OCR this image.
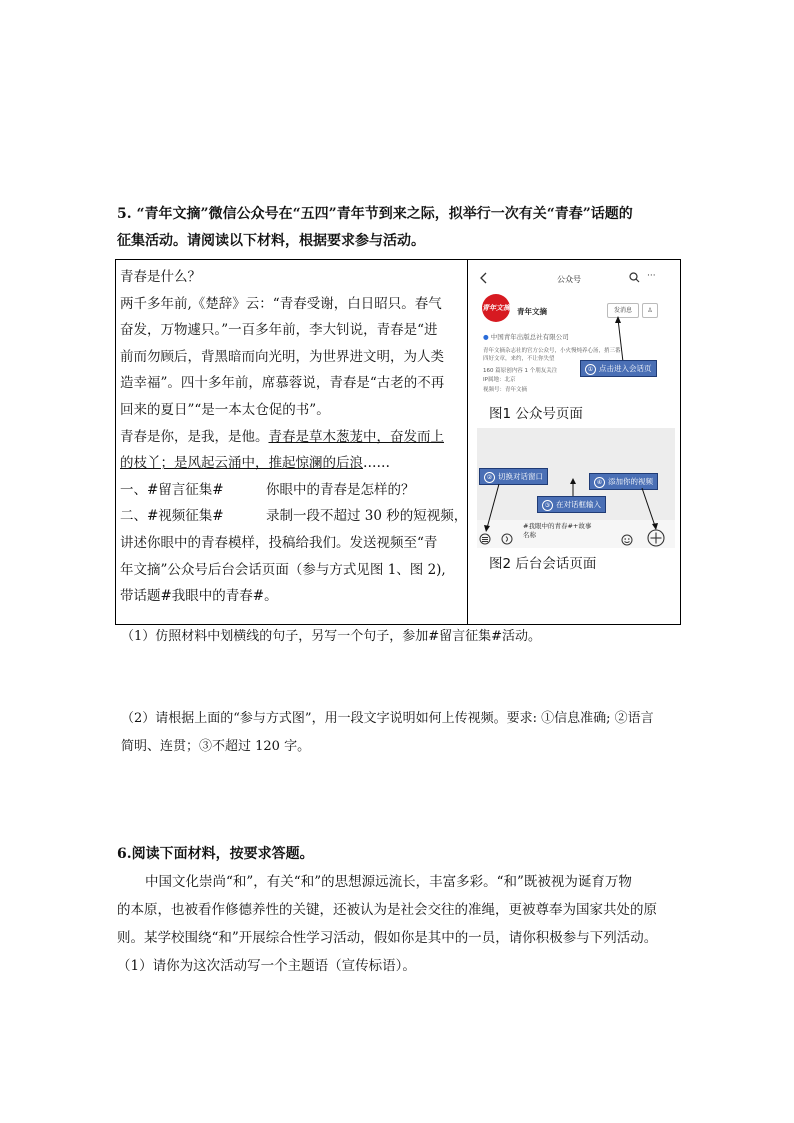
5. “青年文摘”微信公众号在“五四”青年节到来之际，拟举行一次有关“青春”话题的
征集活动。请阅读以下材料，根据要求参与活动。
青春是什么？
两千多年前,《楚辞》云：“青春受谢，白日昭只。春气
奋发，万物遽只。”一百多年前，李大钊说，青春是“进
前而勿顾后，背黑暗而向光明，为世界进文明，为人类
造幸福”。四十多年前，席慕蓉说，青春是“古老的不再
回来的夏日”“是一本太仓促的书”。
青春是你，是我，是他。青春是草木葱茏中，奋发而上
的枝丫；是风起云涌中，推起惊澜的后浪……
一、#留言征集#	你眼中的青春是怎样的？
二、#视频征集#	录制一段不超过 30 秒的短视频，
讲述你眼中的青春模样，投稿给我们。发送视频至“青
年文摘”公众号后台会话页面（参与方式见图 1、图 2),
带话题#我眼中的青春#。
公众号	···
青年文摘 青年文摘	发消息	♙
● 中国青年出版总社有限公司
青年文摘杂志社的官方公众号，小火慢炖养心汤，捎三番
四好文章，来约，不让你失望
160 篇原创内容 1 个朋友关注
IP属地：北京
视频号：青年文摘
① 点击进入会话页
图1 公众号页面
② 切换对话窗口
④ 添加你的视频
③ 在对话框输入
#我眼中的青春#+故事
名称
图2 后台会话页面
（1）仿照材料中划横线的句子，另写一个句子，参加#留言征集#活动。
（2）请根据上面的“参与方式图”，用一段文字说明如何上传视频。要求: ①信息准确; ②语言
简明、连贯；③不超过 120 字。
6.阅读下面材料，按要求答题。
中国文化崇尚“和”，有关“和”的思想源远流长，丰富多彩。“和”既被视为诞育万物
的本原，也被看作修德养性的关键，还被认为是社会交往的准绳，更被尊奉为国家共处的原
则。某学校围绕“和”开展综合性学习活动，假如你是其中的一员，请你积极参与下列活动。
（1）请你为这次活动写一个主题语（宣传标语）。
